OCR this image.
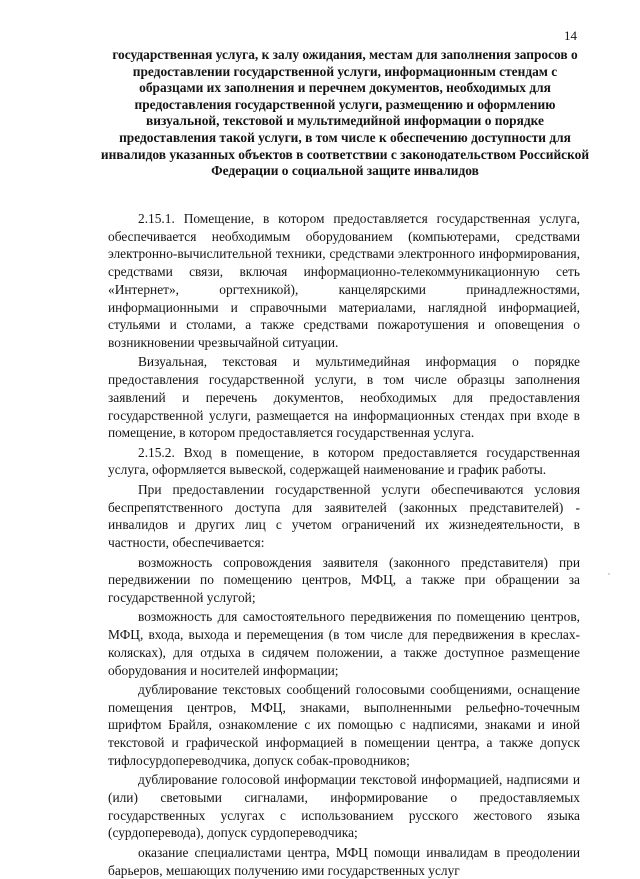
14
государственная услуга, к залу ожидания, местам для заполнения запросов о предоставлении государственной услуги, информационным стендам с образцами их заполнения и перечнем документов, необходимых для предоставления государственной услуги, размещению и оформлению визуальной, текстовой и мультимедийной информации о порядке предоставления такой услуги, в том числе к обеспечению доступности для инвалидов указанных объектов в соответствии с законодательством Российской Федерации о социальной защите инвалидов

2.15.1. Помещение, в котором предоставляется государственная услуга, обеспечивается необходимым оборудованием (компьютерами, средствами электронно-вычислительной техники, средствами электронного информирования, средствами связи, включая информационно-телекоммуникационную сеть «Интернет», оргтехникой), канцелярскими принадлежностями, информационными и справочными материалами, наглядной информацией, стульями и столами, а также средствами пожаротушения и оповещения о возникновении чрезвычайной ситуации.

Визуальная, текстовая и мультимедийная информация о порядке предоставления государственной услуги, в том числе образцы заполнения заявлений и перечень документов, необходимых для предоставления государственной услуги, размещается на информационных стендах при входе в помещение, в котором предоставляется государственная услуга.

2.15.2. Вход в помещение, в котором предоставляется государственная услуга, оформляется вывеской, содержащей наименование и график работы.

При предоставлении государственной услуги обеспечиваются условия беспрепятственного доступа для заявителей (законных представителей) - инвалидов и других лиц с учетом ограничений их жизнедеятельности, в частности, обеспечивается:

возможность сопровождения заявителя (законного представителя) при передвижении по помещению центров, МФЦ, а также при обращении за государственной услугой;

возможность для самостоятельного передвижения по помещению центров, МФЦ, входа, выхода и перемещения (в том числе для передвижения в креслах-колясках), для отдыха в сидячем положении, а также доступное размещение оборудования и носителей информации;

дублирование текстовых сообщений голосовыми сообщениями, оснащение помещения центров, МФЦ, знаками, выполненными рельефно-точечным шрифтом Брайля, ознакомление с их помощью с надписями, знаками и иной текстовой и графической информацией в помещении центра, а также допуск тифлосурдопереводчика, допуск собак-проводников;

дублирование голосовой информации текстовой информацией, надписями и (или) световыми сигналами, информирование о предоставляемых государственных услугах с использованием русского жестового языка (сурдоперевода), допуск сурдопереводчика;

оказание специалистами центра, МФЦ помощи инвалидам в преодолении барьеров, мешающих получению ими государственных услуг
